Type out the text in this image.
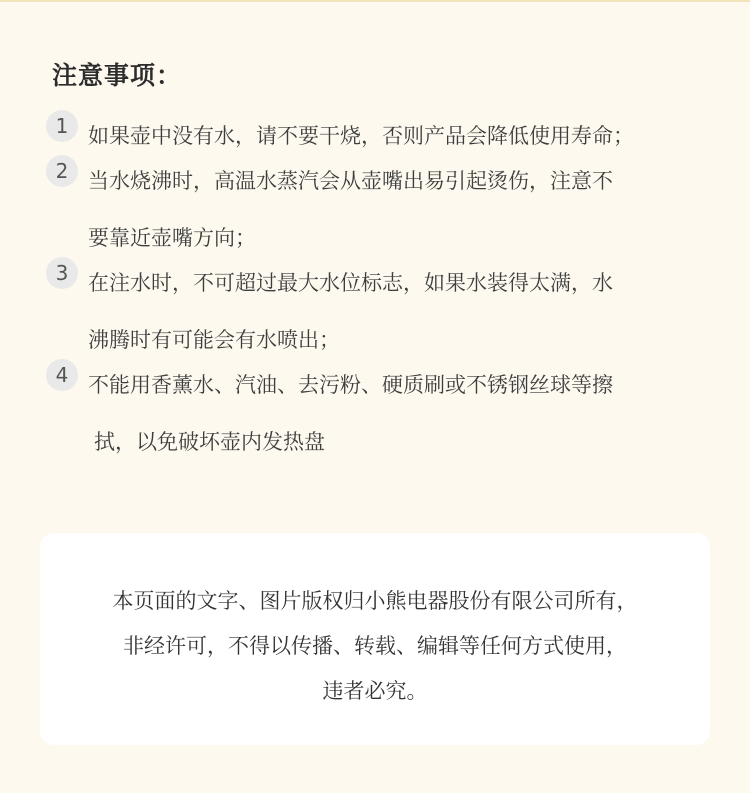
注意事项：
1 如果壶中没有水，请不要干烧，否则产品会降低使用寿命；
2 当水烧沸时，高温水蒸汽会从壶嘴出易引起烫伤，注意不
要靠近壶嘴方向；
3 在注水时，不可超过最大水位标志，如果水装得太满，水
沸腾时有可能会有水喷出；
4 不能用香薰水、汽油、去污粉、硬质刷或不锈钢丝球等擦
拭，以免破坏壶内发热盘
本页面的文字、图片版权归小熊电器股份有限公司所有，
非经许可，不得以传播、转载、编辑等任何方式使用，
违者必究。
